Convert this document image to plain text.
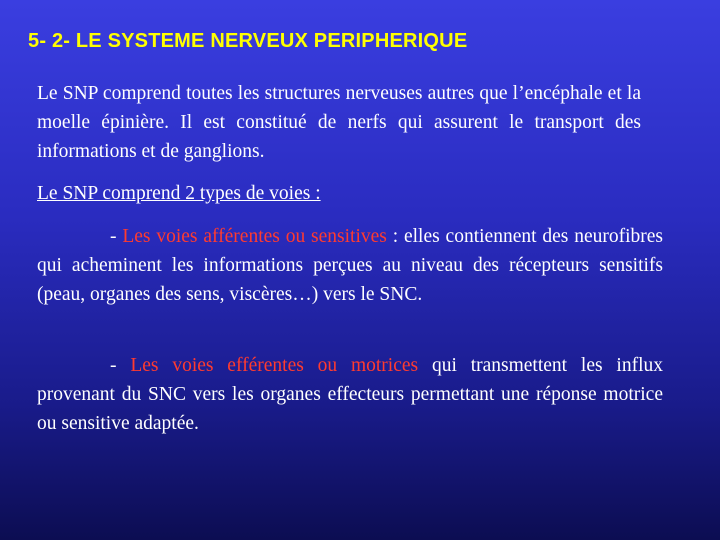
5- 2- LE SYSTEME NERVEUX PERIPHERIQUE
Le SNP comprend toutes les structures nerveuses autres que l’encéphale et la moelle épinière. Il est constitué de nerfs qui assurent le transport des informations et de ganglions.
Le SNP comprend 2 types de voies :
- Les voies afférentes ou sensitives : elles contiennent des neurofibres qui acheminent les informations perçues au niveau des récepteurs sensitifs (peau, organes des sens, viscères…) vers le SNC.
- Les voies efférentes ou motrices qui transmettent les influx provenant du SNC vers les organes effecteurs permettant une réponse motrice ou sensitive adaptée.
